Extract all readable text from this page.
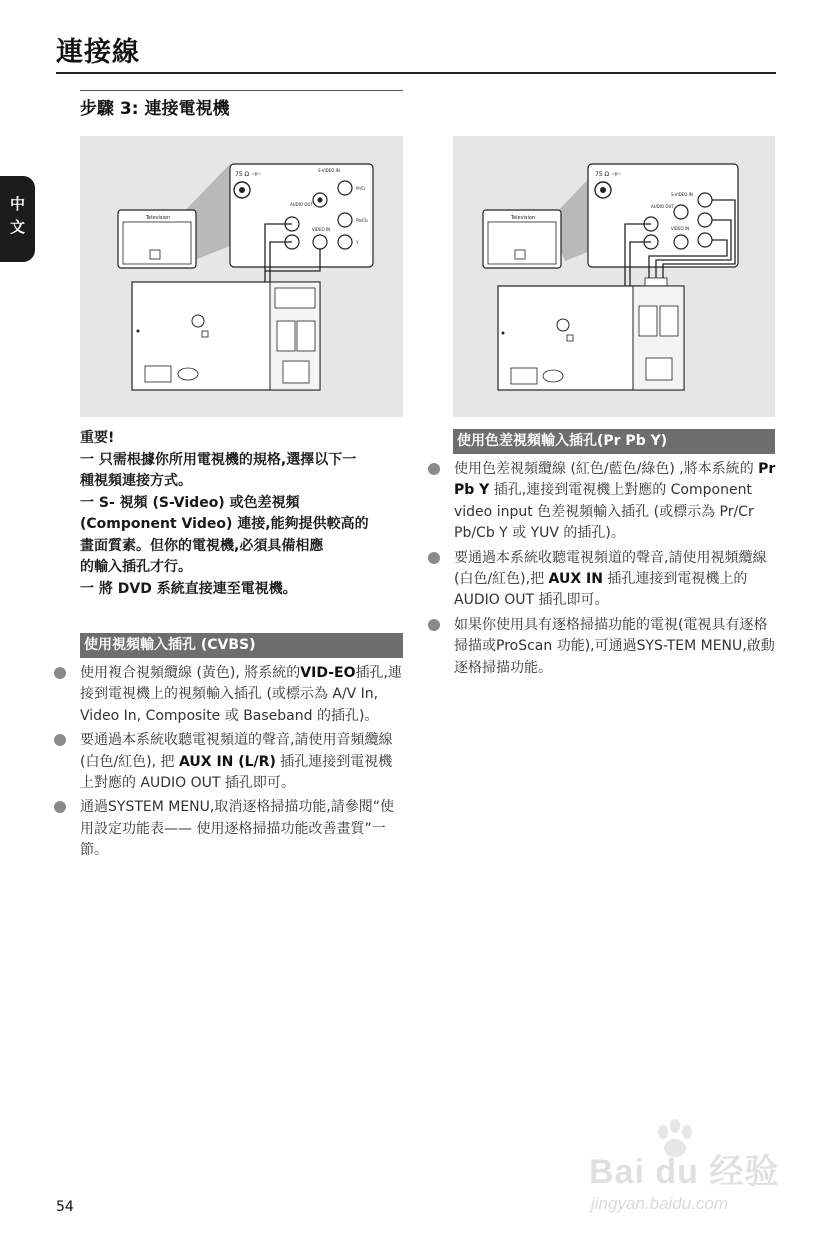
連接線
中文
步驟 3: 連接電視機
Television
75 Ω ⊣⊢
S-VIDEO IN
AUDIO OUT
Pr/Cr
Pb/Cb
VIDEO IN
Y
Television
75 Ω ⊣⊢
S-VIDEO IN
AUDIO OUT
VIDEO IN

重要!

一 只需根據你所用電視機的規格,選擇以下一

種視頻連接方式。

一 S- 視頻 (S-Video) 或色差視頻

(Component Video) 連接,能夠提供較高的

畫面質素。但你的電視機,必須具備相應

的輸入插孔才行。

一 將 DVD 系統直接連至電視機。

使用視頻輸入插孔 (CVBS)
使用複合視頻纜線 (黃色), 將系統的VID-EO插孔,連接到電視機上的視頻輸入插孔 (或標示為 A/V In, Video In, Composite 或 Baseband 的插孔)。
要通過本系統收聽電視頻道的聲音,請使用音頻纜線 (白色/紅色), 把 AUX IN (L/R) 插孔連接到電視機上對應的 AUDIO OUT 插孔即可。
通過SYSTEM MENU,取消逐格掃描功能,請參閱“使用設定功能表—— 使用逐格掃描功能改善畫質”一節。
使用色差視頻輸入插孔(Pr Pb Y)
使用色差視頻纜線 (紅色/藍色/綠色) ,將本系統的 Pr Pb Y 插孔,連接到電視機上對應的 Component video input 色差視頻輸入插孔 (或標示為 Pr/Cr Pb/Cb Y 或 YUV 的插孔)。
要通過本系統收聽電視頻道的聲音,請使用視頻纜線 (白色/紅色),把 AUX IN 插孔連接到電視機上的 AUDIO OUT 插孔即可。
如果你使用具有逐格掃描功能的電視(電視具有逐格掃描或ProScan 功能),可通過SYS-TEM MENU,啟動逐格掃描功能。
54
Bai du 经验
jingyan.baidu.com
